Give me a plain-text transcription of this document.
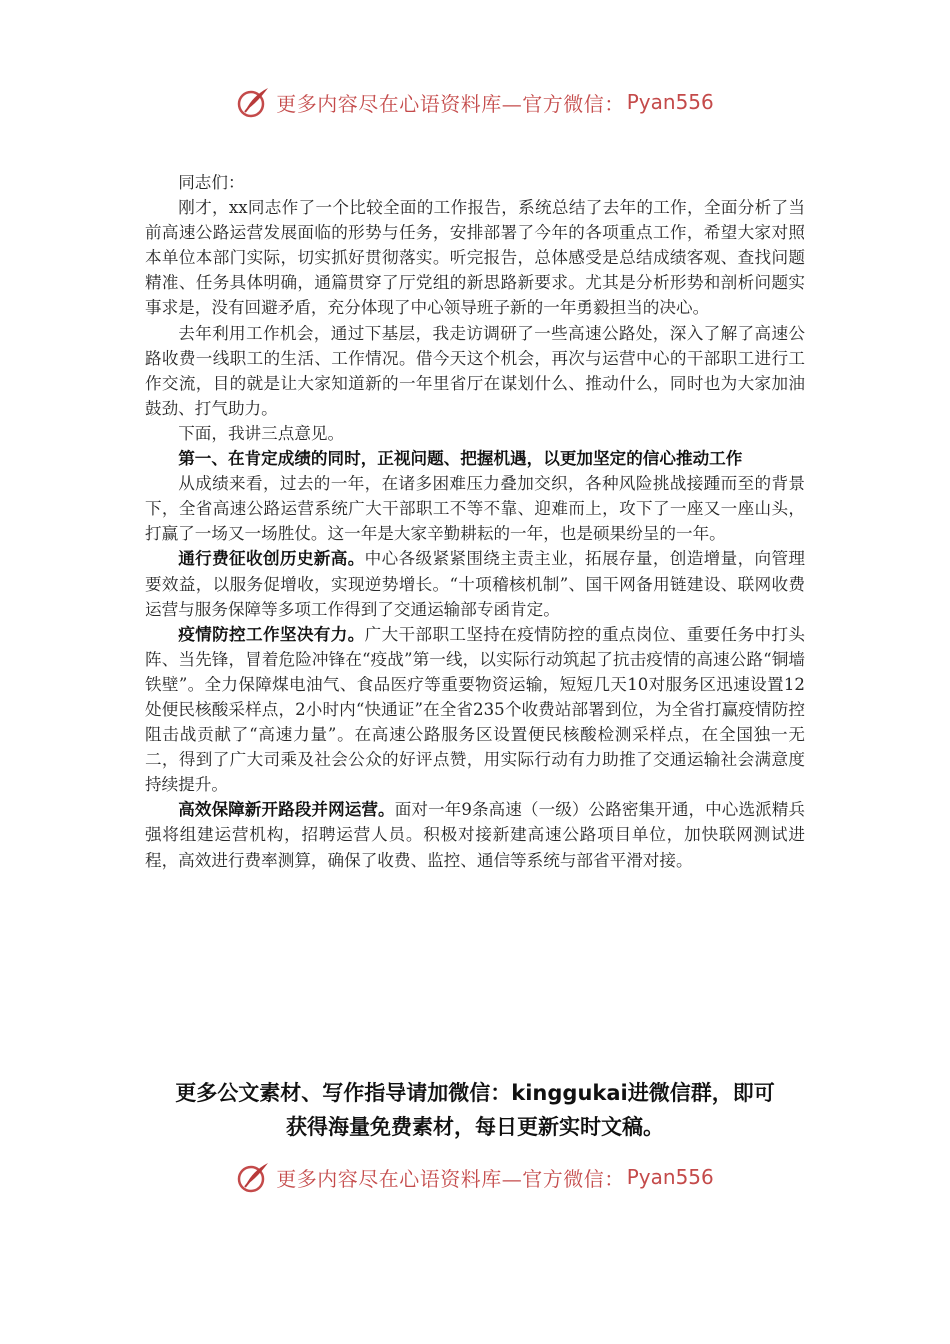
更多内容尽在心语资料库—官方微信： Pyan556

同志们：

刚才，xx同志作了一个比较全面的工作报告，系统总结了去年的工作，全面分析了当前高速公路运营发展面临的形势与任务，安排部署了今年的各项重点工作，希望大家对照本单位本部门实际，切实抓好贯彻落实。听完报告，总体感受是总结成绩客观、查找问题精准、任务具体明确，通篇贯穿了厅党组的新思路新要求。尤其是分析形势和剖析问题实事求是，没有回避矛盾，充分体现了中心领导班子新的一年勇毅担当的决心。

去年利用工作机会，通过下基层，我走访调研了一些高速公路处，深入了解了高速公路收费一线职工的生活、工作情况。借今天这个机会，再次与运营中心的干部职工进行工作交流，目的就是让大家知道新的一年里省厅在谋划什么、推动什么，同时也为大家加油鼓劲、打气助力。

下面，我讲三点意见。

第一、在肯定成绩的同时，正视问题、把握机遇，以更加坚定的信心推动工作

从成绩来看，过去的一年，在诸多困难压力叠加交织，各种风险挑战接踵而至的背景下，全省高速公路运营系统广大干部职工不等不靠、迎难而上，攻下了一座又一座山头，打赢了一场又一场胜仗。这一年是大家辛勤耕耘的一年，也是硕果纷呈的一年。

通行费征收创历史新高。中心各级紧紧围绕主责主业，拓展存量，创造增量，向管理要效益，以服务促增收，实现逆势增长。“十项稽核机制”、国干网备用链建设、联网收费运营与服务保障等多项工作得到了交通运输部专函肯定。

疫情防控工作坚决有力。广大干部职工坚持在疫情防控的重点岗位、重要任务中打头阵、当先锋，冒着危险冲锋在“疫战”第一线，以实际行动筑起了抗击疫情的高速公路“铜墙铁壁”。全力保障煤电油气、食品医疗等重要物资运输，短短几天10对服务区迅速设置12处便民核酸采样点，2小时内“快通证”在全省235个收费站部署到位，为全省打赢疫情防控阻击战贡献了“高速力量”。在高速公路服务区设置便民核酸检测采样点，在全国独一无二，得到了广大司乘及社会公众的好评点赞，用实际行动有力助推了交通运输社会满意度持续提升。

高效保障新开路段并网运营。面对一年9条高速（一级）公路密集开通，中心选派精兵强将组建运营机构，招聘运营人员。积极对接新建高速公路项目单位，加快联网测试进程，高效进行费率测算，确保了收费、监控、通信等系统与部省平滑对接。

更多公文素材、写作指导请加微信：kinggukai进微信群，即可
获得海量免费素材，每日更新实时文稿。
更多内容尽在心语资料库—官方微信： Pyan556
